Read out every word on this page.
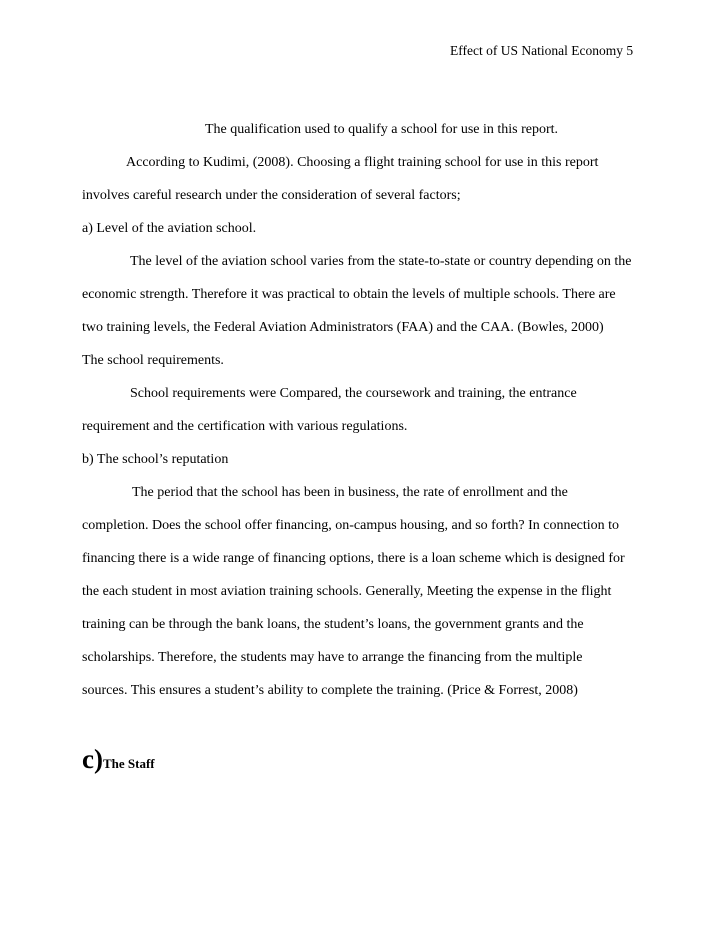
Effect of US National Economy 5
The qualification used to qualify a school for use in this report.
According to Kudimi, (2008). Choosing a flight training school for use in this report
involves careful research under the consideration of several factors;
a) Level of the aviation school.
The level of the aviation school varies from the state-to-state or country depending on the
economic strength. Therefore it was practical to obtain the levels of multiple schools. There are
two training levels, the Federal Aviation Administrators (FAA) and the CAA. (Bowles, 2000)
The school requirements.
School requirements were Compared, the coursework and training, the entrance
requirement and the certification with various regulations.
b) The school’s reputation
The period that the school has been in business, the rate of enrollment and the
completion. Does the school offer financing, on-campus housing, and so forth? In connection to
financing there is a wide range of financing options, there is a loan scheme which is designed for
the each student in most aviation training schools. Generally, Meeting the expense in the flight
training can be through the bank loans, the student’s loans, the government grants and the
scholarships. Therefore, the students may have to arrange the financing from the multiple
sources. This ensures a student’s ability to complete the training. (Price & Forrest, 2008)
c)The Staff
